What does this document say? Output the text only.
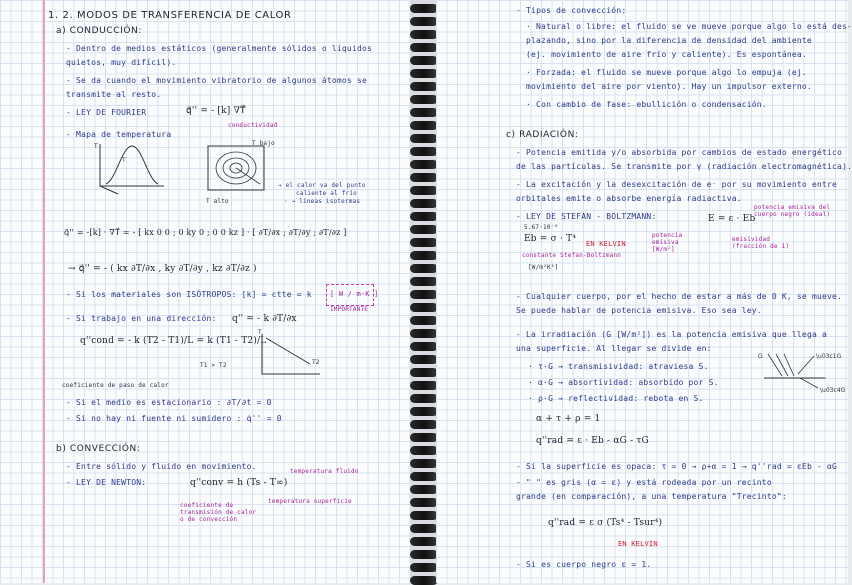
1. 2. MODOS DE TRANSFERENCIA DE CALOR
a) CONDUCCIÓN:
- Dentro de medios estáticos (generalmente sólidos o líquidos
quietos, muy difícil).
- Se da cuando el movimiento vibratorio de algunos átomos se
transmite al resto.
- LEY DE FOURIER	q⃗'' = - [k] ∇T⃗
conductividad
- Mapa de temperatura
T
T
T alto
T bajo
→ el calor va del punto
caliente al frío
· → líneas isotermas
q⃗'' = -[k] · ∇T⃗ = - [ kx 0 0 ; 0 ky 0 ; 0 0 kz ] · [ ∂T/∂x ; ∂T/∂y ; ∂T/∂z ]
→ q⃗'' = - ( kx ∂T/∂x , ky ∂T/∂y , kz ∂T/∂z )
- Si los materiales son ISÓTROPOS: [k] = ctte = k	[ W / m·K ]
IMPORTANTE
- Si trabajo en una dirección: q'' = - k ∂T/∂x
q''cond = - k (T2 - T1)/L = k (T1 - T2)/L
T1 > T2	T2
T
coeficiente de paso de calor
- Si el medio es estacionario : ∂T/∂t = 0
- Si no hay ni fuente ni sumidero : q̇'' = 0
b) CONVECCIÓN:
- Entre sólido y fluido en movimiento.
- LEY DE NEWTON:	q''conv = h (Ts - T∞)
temperatura fluido
temperatura superficie
coeficiente de transmisión de calor o de convección
- Tipos de convección:
· Natural o libre: el fluido se ve mueve porque algo lo está des-
plazando, sino por la diferencia de densidad del ambiente
(ej. movimiento de aire frío y caliente). Es espontánea.
· Forzada: el fluido se mueve porque algo lo empuja (ej.
movimiento del aire por viento). Hay un impulsor externo.
· Con cambio de fase: ebullición o condensación.
c) RADIACIÓN:
- Potencia emitida y/o absorbida por cambios de estado energético
de las partículas. Se transmite por γ (radiación electromagnética).
- La excitación y la desexcitación de e⁻ por su movimiento entre
orbitales emite o absorbe energía radiactiva.
- LEY DE STEFAN - BOLTZMANN:
5.67·10⁻⁸
Eb = σ · T⁴ EN KELVIN
constante Stefan-Boltzmann
[W/m²K⁴]
E = ε · Eb
potencia emisiva [W/m²]
emisividad (fracción de 1)
potencia emisiva del cuerpo negro (ideal)
- Cualquier cuerpo, por el hecho de estar a más de 0 K, se mueve.
Se puede hablar de potencia emisiva. Eso sea ley.
- La irradiación (G [W/m²]) es la potencia emisiva que llega a
una superficie. Al llegar se divide en:
· τ·G → transmisividad: atraviesa S.
· α·G → absortividad: absorbido por S.
· ρ·G → reflectividad: rebota en S.
G	\u03c1G
\u03c4G
α + τ + ρ = 1
q''rad = ε · Eb - αG - τG
- Si la superficie es opaca: τ = 0 → ρ+α = 1 → q''rad = εEb - αG
- " " es gris (α = ε) y está rodeada por un recinto
grande (en comparación), a una temperatura "Trecinto":
q''rad = ε σ (Ts⁴ - Tsur⁴)
EN KELVIN
- Si es cuerpo negro ε = 1.
